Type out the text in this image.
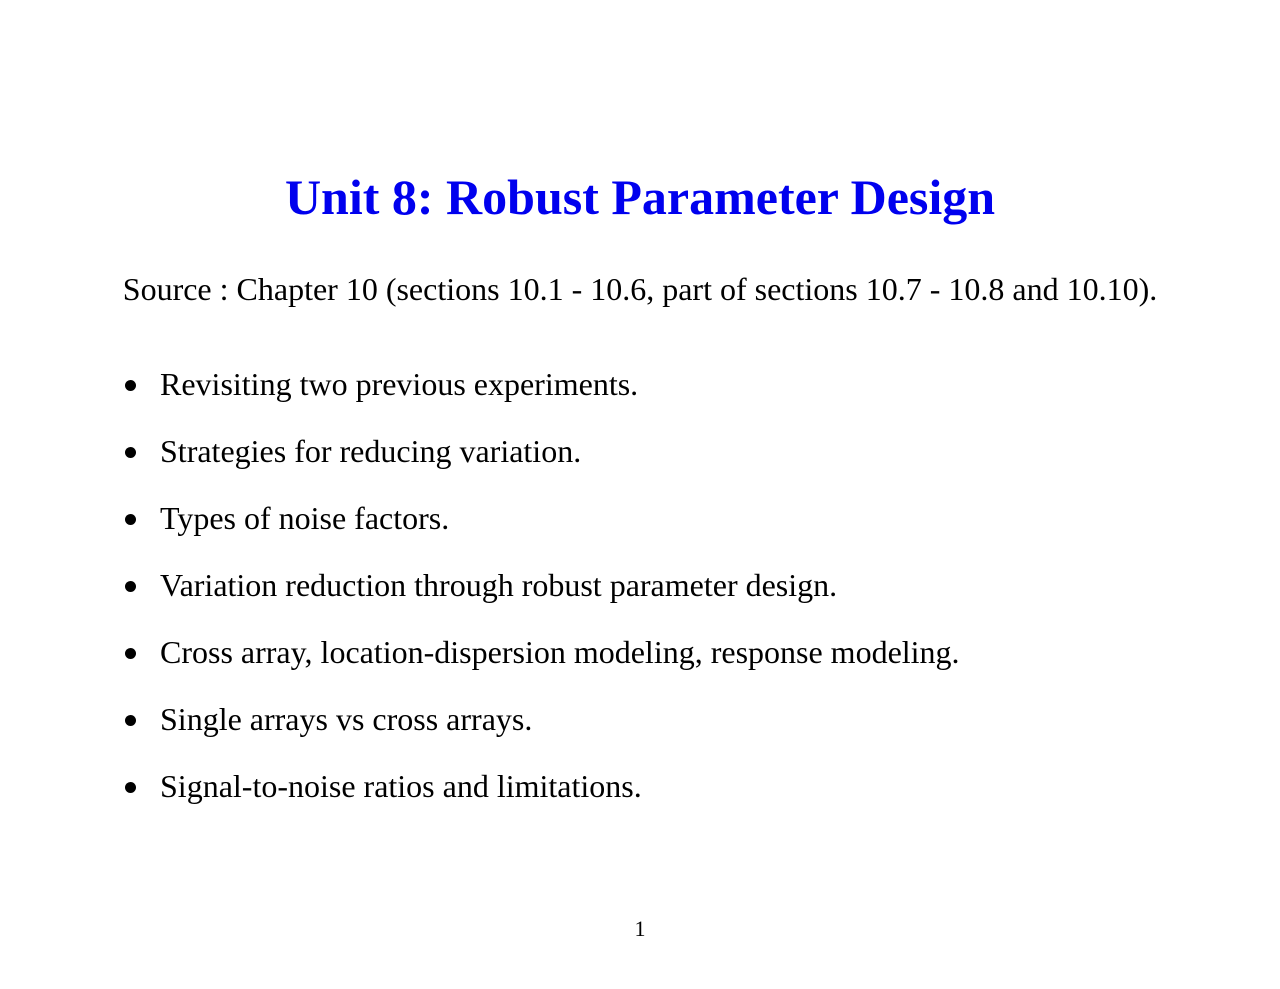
Unit 8: Robust Parameter Design

Source : Chapter 10 (sections 10.1 - 10.6, part of sections 10.7 - 10.8 and 10.10).

Revisiting two previous experiments.
Strategies for reducing variation.
Types of noise factors.
Variation reduction through robust parameter design.
Cross array, location-dispersion modeling, response modeling.
Single arrays vs cross arrays.
Signal-to-noise ratios and limitations.

1
